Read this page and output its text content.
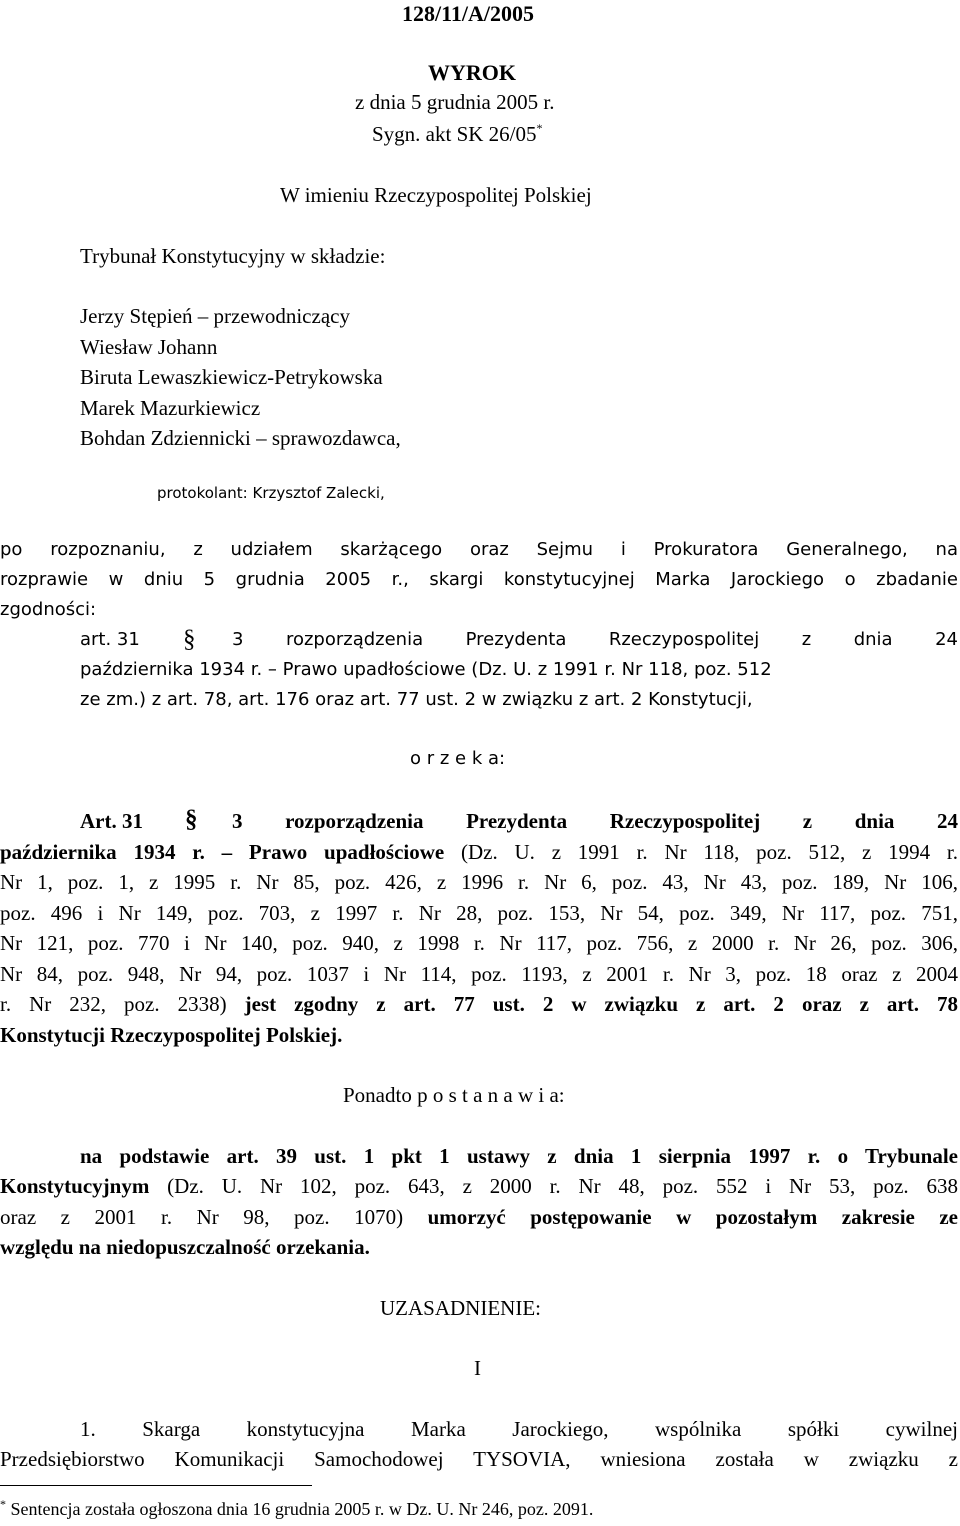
128/11/A/2005
WYROK
z dnia 5 grudnia 2005 r.
Sygn. akt SK 26/05*
W imieniu Rzeczypospolitej Polskiej
Trybunał Konstytucyjny w składzie:
Jerzy Stępień – przewodniczący
Wiesław Johann
Biruta Lewaszkiewicz-Petrykowska
Marek Mazurkiewicz
Bohdan Zdziennicki – sprawozdawca,
protokolant: Krzysztof Zalecki,
po rozpoznaniu, z udziałem skarżącego oraz Sejmu i Prokuratora Generalnego, na
rozprawie w dniu 5 grudnia 2005 r., skargi konstytucyjnej Marka Jarockiego o zbadanie
zgodności:
art. 31 § 3 rozporządzenia Prezydenta Rzeczypospolitej z dnia 24
października 1934 r. – Prawo upadłościowe (Dz. U. z 1991 r. Nr 118, poz. 512
ze zm.) z art. 78, art. 176 oraz art. 77 ust. 2 w związku z art. 2 Konstytucji,
o r z e k a:
Art. 31 § 3 rozporządzenia Prezydenta Rzeczypospolitej z dnia 24
października 1934 r. – Prawo upadłościowe (Dz. U. z 1991 r. Nr 118, poz. 512, z 1994 r.
Nr 1, poz. 1, z 1995 r. Nr 85, poz. 426, z 1996 r. Nr 6, poz. 43, Nr 43, poz. 189, Nr 106,
poz. 496 i Nr 149, poz. 703, z 1997 r. Nr 28, poz. 153, Nr 54, poz. 349, Nr 117, poz. 751,
Nr 121, poz. 770 i Nr 140, poz. 940, z 1998 r. Nr 117, poz. 756, z 2000 r. Nr 26, poz. 306,
Nr 84, poz. 948, Nr 94, poz. 1037 i Nr 114, poz. 1193, z 2001 r. Nr 3, poz. 18 oraz z 2004
r. Nr 232, poz. 2338) jest zgodny z art. 77 ust. 2 w związku z art. 2 oraz z art. 78
Konstytucji Rzeczypospolitej Polskiej.
Ponadto p o s t a n a w i a:
na podstawie art. 39 ust. 1 pkt 1 ustawy z dnia 1 sierpnia 1997 r. o Trybunale
Konstytucyjnym (Dz. U. Nr 102, poz. 643, z 2000 r. Nr 48, poz. 552 i Nr 53, poz. 638
oraz z 2001 r. Nr 98, poz. 1070) umorzyć postępowanie w pozostałym zakresie ze
względu na niedopuszczalność orzekania.
UZASADNIENIE:
I
1. Skarga konstytucyjna Marka Jarockiego, wspólnika spółki cywilnej
Przedsiębiorstwo Komunikacji Samochodowej TYSOVIA, wniesiona została w związku z
* Sentencja została ogłoszona dnia 16 grudnia 2005 r. w Dz. U. Nr 246, poz. 2091.
